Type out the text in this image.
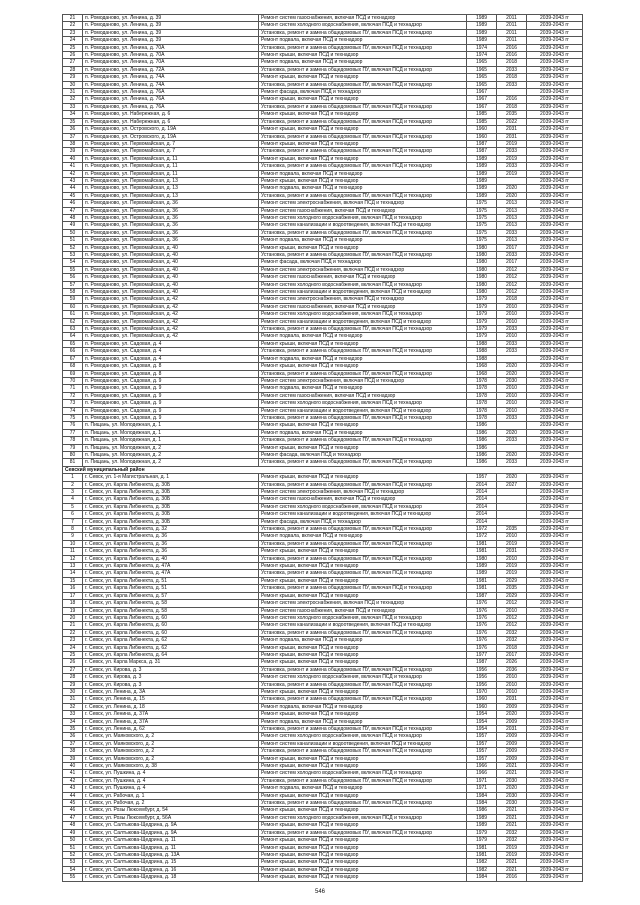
21	п. Ромоданово, ул. Ленина, д. 39	Ремонт систем газоснабжения, включая ПСД и технадзор	1989	2011	2039-2043 гг
22	п. Ромоданово, ул. Ленина, д. 39	Ремонт систем холодного водоснабжения, включая ПСД и технадзор	1989	2011	2039-2043 гг
23	п. Ромоданово, ул. Ленина, д. 39	Установка, ремонт и замена общедомовых ПУ, включая ПСД и технадзор	1989	2011	2039-2043 гг
24	п. Ромоданово, ул. Ленина, д. 39	Ремонт подвала, включая ПСД и технадзор	1989	2011	2039-2043 гг
25	п. Ромоданово, ул. Ленина, д. 70А	Установка, ремонт и замена общедомовых ПУ, включая ПСД и технадзор	1974	2016	2039-2043 гг
26	п. Ромоданово, ул. Ленина, д. 70А	Ремонт крыши, включая ПСД и технадзор	1974	2016	2039-2043 гг
27	п. Ромоданово, ул. Ленина, д. 70А	Ремонт подвала, включая ПСД и технадзор	1965	2018	2039-2043 гг
28	п. Ромоданово, ул. Ленина, д. 72А	Установка, ремонт и замена общедомовых ПУ, включая ПСД и технадзор	1965	2033	2039-2043 гг
29	п. Ромоданово, ул. Ленина, д. 74А	Ремонт крыши, включая ПСД и технадзор	1965	2018	2039-2043 гг
30	п. Ромоданово, ул. Ленина, д. 74А	Установка, ремонт и замена общедомовых ПУ, включая ПСД и технадзор	1965	2033	2039-2043 гг
31	п. Ромоданово, ул. Ленина, д. 76А	Ремонт фасада, включая ПСД и технадзор	1967		2039-2043 гг
32	п. Ромоданово, ул. Ленина, д. 76А	Ремонт крыши, включая ПСД и технадзор	1967	2016	2039-2043 гг
33	п. Ромоданово, ул. Ленина, д. 76А	Установка, ремонт и замена общедомовых ПУ, включая ПСД и технадзор	1967	2018	2039-2043 гг
34	п. Ромоданово, ул. Набережная, д. 6	Ремонт крыши, включая ПСД и технадзор	1985	2035	2039-2043 гг
35	п. Ромоданово, ул. Набережная, д. 6	Установка, ремонт и замена общедомовых ПУ, включая ПСД и технадзор	1985	2022	2039-2043 гг
36	п. Ромоданово, ул. Островского, д. 19А	Ремонт крыши, включая ПСД и технадзор	1960	2031	2039-2043 гг
37	п. Ромоданово, ул. Островского, д. 19А	Установка, ремонт и замена общедомовых ПУ, включая ПСД и технадзор	1960	2031	2039-2043 гг
38	п. Ромоданово, ул. Первомайская, д. 7	Ремонт крыши, включая ПСД и технадзор	1987	2019	2039-2043 гг
39	п. Ромоданово, ул. Первомайская, д. 7	Установка, ремонт и замена общедомовых ПУ, включая ПСД и технадзор	1987	2033	2039-2043 гг
40	п. Ромоданово, ул. Первомайская, д. 11	Ремонт крыши, включая ПСД и технадзор	1989	2019	2039-2043 гг
41	п. Ромоданово, ул. Первомайская, д. 11	Установка, ремонт и замена общедомовых ПУ, включая ПСД и технадзор	1989	2033	2039-2043 гг
42	п. Ромоданово, ул. Первомайская, д. 11	Ремонт подвала, включая ПСД и технадзор	1989	2019	2039-2043 гг
43	п. Ромоданово, ул. Первомайская, д. 13	Ремонт крыши, включая ПСД и технадзор	1989		2039-2043 гг
44	п. Ромоданово, ул. Первомайская, д. 13	Ремонт подвала, включая ПСД и технадзор	1989	2020	2039-2043 гг
45	п. Ромоданово, ул. Первомайская, д. 13	Установка, ремонт и замена общедомовых ПУ, включая ПСД и технадзор	1989	2020	2039-2043 гг
46	п. Ромоданово, ул. Первомайская, д. 36	Ремонт систем электроснабжения, включая ПСД и технадзор	1975	2013	2039-2043 гг
47	п. Ромоданово, ул. Первомайская, д. 36	Ремонт систем газоснабжения, включая ПСД и технадзор	1975	2013	2039-2043 гг
48	п. Ромоданово, ул. Первомайская, д. 36	Ремонт систем холодного водоснабжения, включая ПСД и технадзор	1975	2013	2039-2043 гг
49	п. Ромоданово, ул. Первомайская, д. 36	Ремонт систем канализации и водоотведения, включая ПСД и технадзор	1975	2013	2039-2043 гг
50	п. Ромоданово, ул. Первомайская, д. 36	Установка, ремонт и замена общедомовых ПУ, включая ПСД и технадзор	1975	2033	2039-2043 гг
51	п. Ромоданово, ул. Первомайская, д. 36	Ремонт подвала, включая ПСД и технадзор	1975	2013	2039-2043 гг
52	п. Ромоданово, ул. Первомайская, д. 40	Ремонт крыши, включая ПСД и технадзор	1980	2017	2039-2043 гг
53	п. Ромоданово, ул. Первомайская, д. 40	Установка, ремонт и замена общедомовых ПУ, включая ПСД и технадзор	1980	2033	2039-2043 гг
54	п. Ромоданово, ул. Первомайская, д. 40	Ремонт фасада, включая ПСД и технадзор	1980	2017	2039-2043 гг
55	п. Ромоданово, ул. Первомайская, д. 40	Ремонт систем электроснабжения, включая ПСД и технадзор	1980	2012	2039-2043 гг
56	п. Ромоданово, ул. Первомайская, д. 40	Ремонт систем газоснабжения, включая ПСД и технадзор	1980	2012	2039-2043 гг
57	п. Ромоданово, ул. Первомайская, д. 40	Ремонт систем холодного водоснабжения, включая ПСД и технадзор	1980	2012	2039-2043 гг
58	п. Ромоданово, ул. Первомайская, д. 40	Ремонт систем канализации и водоотведения, включая ПСД и технадзор	1980	2012	2039-2043 гг
59	п. Ромоданово, ул. Первомайская, д. 42	Ремонт систем электроснабжения, включая ПСД и технадзор	1979	2018	2039-2043 гг
60	п. Ромоданово, ул. Первомайская, д. 42	Ремонт систем газоснабжения, включая ПСД и технадзор	1979	2010	2039-2043 гг
61	п. Ромоданово, ул. Первомайская, д. 42	Ремонт систем холодного водоснабжения, включая ПСД и технадзор	1979	2010	2039-2043 гг
62	п. Ромоданово, ул. Первомайская, д. 42	Ремонт систем канализации и водоотведения, включая ПСД и технадзор	1979	2010	2039-2043 гг
63	п. Ромоданово, ул. Первомайская, д. 42	Установка, ремонт и замена общедомовых ПУ, включая ПСД и технадзор	1979	2033	2039-2043 гг
64	п. Ромоданово, ул. Первомайская, д. 42	Ремонт подвала, включая ПСД и технадзор	1979	2010	2039-2043 гг
65	п. Ромоданово, ул. Садовая, д. 4	Ремонт крыши, включая ПСД и технадзор	1988	2033	2039-2043 гг
66	п. Ромоданово, ул. Садовая, д. 4	Установка, ремонт и замена общедомовых ПУ, включая ПСД и технадзор	1988	2033	2039-2043 гг
67	п. Ромоданово, ул. Садовая, д. 4	Ремонт подвала, включая ПСД и технадзор	1988		2039-2043 гг
68	п. Ромоданово, ул. Садовая, д. 8	Ремонт крыши, включая ПСД и технадзор	1968	2020	2039-2043 гг
69	п. Ромоданово, ул. Садовая, д. 8	Установка, ремонт и замена общедомовых ПУ, включая ПСД и технадзор	1968	2020	2039-2043 гг
70	п. Ромоданово, ул. Садовая, д. 9	Ремонт систем электроснабжения, включая ПСД и технадзор	1978	2030	2039-2043 гг
71	п. Ромоданово, ул. Садовая, д. 9	Ремонт подвала, включая ПСД и технадзор	1978	2010	2039-2043 гг
72	п. Ромоданово, ул. Садовая, д. 9	Ремонт систем газоснабжения, включая ПСД и технадзор	1978	2010	2039-2043 гг
73	п. Ромоданово, ул. Садовая, д. 9	Ремонт систем холодного водоснабжения, включая ПСД и технадзор	1978	2010	2039-2043 гг
74	п. Ромоданово, ул. Садовая, д. 9	Ремонт систем канализации и водоотведения, включая ПСД и технадзор	1978	2010	2039-2043 гг
75	п. Ромоданово, ул. Садовая, д. 9	Установка, ремонт и замена общедомовых ПУ, включая ПСД и технадзор	1978	2033	2039-2043 гг
76	п. Пищань, ул. Молодежная, д. 1	Ремонт крыши, включая ПСД и технадзор	1986		2039-2043 гг
77	п. Пищань, ул. Молодежная, д. 1	Ремонт подвала, включая ПСД и технадзор	1986	2020	2039-2043 гг
78	п. Пищань, ул. Молодежная, д. 1	Установка, ремонт и замена общедомовых ПУ, включая ПСД и технадзор	1986	2033	2039-2043 гг
79	п. Пищань, ул. Молодежная, д. 2	Ремонт крыши, включая ПСД и технадзор	1986		2039-2043 гг
80	п. Пищань, ул. Молодежная, д. 2	Ремонт фасада, включая ПСД и технадзор	1986	2020	2039-2043 гг
81	п. Пищань, ул. Молодежная, д. 2	Установка, ремонт и замена общедомовых ПУ, включая ПСД и технадзор	1986	2033	2039-2043 гг
Севский муниципальный район					
1	г. Севск, ул. 1-я Магистральная, д. 1	Ремонт крыши, включая ПСД и технадзор	1957	2020	2039-2043 гг
2	г. Севск, ул. Карла Либкнехта, д. 30Б	Установка, ремонт и замена общедомовых ПУ, включая ПСД и технадзор	2014	2027	2039-2043 гг
3	г. Севск, ул. Карла Либкнехта, д. 30Б	Ремонт систем электроснабжения, включая ПСД и технадзор	2014		2039-2043 гг
4	г. Севск, ул. Карла Либкнехта, д. 30Б	Ремонт систем газоснабжения, включая ПСД и технадзор	2014		2039-2043 гг
5	г. Севск, ул. Карла Либкнехта, д. 30Б	Ремонт систем холодного водоснабжения, включая ПСД и технадзор	2014		2039-2043 гг
6	г. Севск, ул. Карла Либкнехта, д. 30Б	Ремонт систем канализации и водоотведения, включая ПСД и технадзор	2014		2039-2043 гг
7	г. Севск, ул. Карла Либкнехта, д. 30Б	Ремонт фасада, включая ПСД и технадзор	2014		2039-2043 гг
8	г. Севск, ул. Карла Либкнехта, д. 32	Установка, ремонт и замена общедомовых ПУ, включая ПСД и технадзор	1972	2035	2039-2043 гг
9	г. Севск, ул. Карла Либкнехта, д. 36	Ремонт подвала, включая ПСД и технадзор	1972	2010	2039-2043 гг
10	г. Севск, ул. Карла Либкнехта, д. 36	Установка, ремонт и замена общедомовых ПУ, включая ПСД и технадзор	1981	2019	2039-2043 гг
11	г. Севск, ул. Карла Либкнехта, д. 36	Ремонт крыши, включая ПСД и технадзор	1981	2031	2039-2043 гг
12	г. Севск, ул. Карла Либкнехта, д. 40	Установка, ремонт и замена общедомовых ПУ, включая ПСД и технадзор	1980	2010	2039-2043 гг
13	г. Севск, ул. Карла Либкнехта, д. 47А	Ремонт крыши, включая ПСД и технадзор	1989	2019	2039-2043 гг
14	г. Севск, ул. Карла Либкнехта, д. 47А	Установка, ремонт и замена общедомовых ПУ, включая ПСД и технадзор	1989	2019	2039-2043 гг
15	г. Севск, ул. Карла Либкнехта, д. 51	Ремонт крыши, включая ПСД и технадзор	1981	2029	2039-2043 гг
16	г. Севск, ул. Карла Либкнехта, д. 51	Установка, ремонт и замена общедомовых ПУ, включая ПСД и технадзор	1981	2035	2039-2043 гг
17	г. Севск, ул. Карла Либкнехта, д. 57	Ремонт крыши, включая ПСД и технадзор	1987	2029	2039-2043 гг
18	г. Севск, ул. Карла Либкнехта, д. 58	Ремонт систем электроснабжения, включая ПСД и технадзор	1976	2012	2039-2043 гг
19	г. Севск, ул. Карла Либкнехта, д. 58	Ремонт систем газоснабжения, включая ПСД и технадзор	1976	2010	2039-2043 гг
20	г. Севск, ул. Карла Либкнехта, д. 60	Ремонт систем холодного водоснабжения, включая ПСД и технадзор	1976	2012	2039-2043 гг
21	г. Севск, ул. Карла Либкнехта, д. 60	Ремонт систем канализации и водоотведения, включая ПСД и технадзор	1976	2012	2039-2043 гг
22	г. Севск, ул. Карла Либкнехта, д. 60	Установка, ремонт и замена общедомовых ПУ, включая ПСД и технадзор	1976	2032	2039-2043 гг
23	г. Севск, ул. Карла Либкнехта, д. 62	Ремонт подвала, включая ПСД и технадзор	1976	2032	2039-2043 гг
24	г. Севск, ул. Карла Либкнехта, д. 62	Ремонт крыши, включая ПСД и технадзор	1976	2018	2039-2043 гг
25	г. Севск, ул. Карла Либкнехта, д. 64	Ремонт крыши, включая ПСД и технадзор	1977	2017	2039-2043 гг
26	г. Севск, ул. Карла Маркса, д. 31	Ремонт крыши, включая ПСД и технадзор	1987	2026	2039-2043 гг
27	г. Севск, ул. Кирова, д. 3	Установка, ремонт и замена общедомовых ПУ, включая ПСД и технадзор	1956	2036	2039-2043 гг
28	г. Севск, ул. Кирова, д. 3	Ремонт систем холодного водоснабжения, включая ПСД и технадзор	1956	2010	2039-2043 гг
29	г. Севск, ул. Кирова, д. 3	Установка, ремонт и замена общедомовых ПУ, включая ПСД и технадзор	1956	2010	2039-2043 гг
30	г. Севск, ул. Ленина, д. 3А	Ремонт крыши, включая ПСД и технадзор	1970	2010	2039-2043 гг
31	г. Севск, ул. Ленина, д. 15	Установка, ремонт и замена общедомовых ПУ, включая ПСД и технадзор	1960	2031	2039-2043 гг
32	г. Севск, ул. Ленина, д. 18	Ремонт подвала, включая ПСД и технадзор	1960	2009	2039-2043 гг
33	г. Севск, ул. Ленина, д. 37А	Ремонт крыши, включая ПСД и технадзор	1954	2020	2039-2043 гг
34	г. Севск, ул. Ленина, д. 37А	Ремонт подвала, включая ПСД и технадзор	1954	2009	2039-2043 гг
35	г. Севск, ул. Ленина, д. 62	Установка, ремонт и замена общедомовых ПУ, включая ПСД и технадзор	1954	2031	2039-2043 гг
36	г. Севск, ул. Маяковского, д. 2	Ремонт систем холодного водоснабжения, включая ПСД и технадзор	1957	2009	2039-2043 гг
37	г. Севск, ул. Маяковского, д. 2	Ремонт систем канализации и водоотведения, включая ПСД и технадзор	1957	2009	2039-2043 гг
38	г. Севск, ул. Маяковского, д. 2	Установка, ремонт и замена общедомовых ПУ, включая ПСД и технадзор	1957	2009	2039-2043 гг
39	г. Севск, ул. Маяковского, д. 2	Ремонт крыши, включая ПСД и технадзор	1957	2009	2039-2043 гг
40	г. Севск, ул. Маяковского, д. 38	Ремонт крыши, включая ПСД и технадзор	1966	2021	2039-2043 гг
41	г. Севск, ул. Пушкина, д. 4	Ремонт систем холодного водоснабжения, включая ПСД и технадзор	1966	2021	2039-2043 гг
42	г. Севск, ул. Пушкина, д. 4	Установка, ремонт и замена общедомовых ПУ, включая ПСД и технадзор	1971	2030	2039-2043 гг
43	г. Севск, ул. Пушкина, д. 4	Ремонт подвала, включая ПСД и технадзор	1971	2020	2039-2043 гг
44	г. Севск, ул. Рабочая, д. 1	Ремонт крыши, включая ПСД и технадзор	1984	2030	2039-2043 гг
45	г. Севск, ул. Рабочая, д. 2	Установка, ремонт и замена общедомовых ПУ, включая ПСД и технадзор	1984	2030	2039-2043 гг
46	г. Севск, ул. Розы Люксембург, д. 54	Ремонт крыши, включая ПСД и технадзор	1986	2021	2039-2043 гг
47	г. Севск, ул. Розы Люксембург, д. 56А	Ремонт систем холодного водоснабжения, включая ПСД и технадзор	1989	2021	2039-2043 гг
48	г. Севск, ул. Салтыкова-Щедрина, д. 9А	Ремонт крыши, включая ПСД и технадзор	1989	2021	2039-2043 гг
49	г. Севск, ул. Салтыкова-Щедрина, д. 9А	Установка, ремонт и замена общедомовых ПУ, включая ПСД и технадзор	1979	2032	2039-2043 гг
50	г. Севск, ул. Салтыкова-Щедрина, д. 11	Ремонт крыши, включая ПСД и технадзор	1979	2032	2039-2043 гг
51	г. Севск, ул. Салтыкова-Щедрина, д. 11	Ремонт крыши, включая ПСД и технадзор	1981	2019	2039-2043 гг
52	г. Севск, ул. Салтыкова-Щедрина, д. 13А	Ремонт крыши, включая ПСД и технадзор	1981	2019	2039-2043 гг
53	г. Севск, ул. Салтыкова-Щедрина, д. 15	Ремонт крыши, включая ПСД и технадзор	1982	2021	2039-2043 гг
54	г. Севск, ул. Салтыкова-Щедрина, д. 16	Ремонт крыши, включая ПСД и технадзор	1982	2021	2039-2043 гг
55	г. Севск, ул. Салтыкова-Щедрина, д. 18	Ремонт крыши, включая ПСД и технадзор	1984	2016	2039-2043 гг
546
